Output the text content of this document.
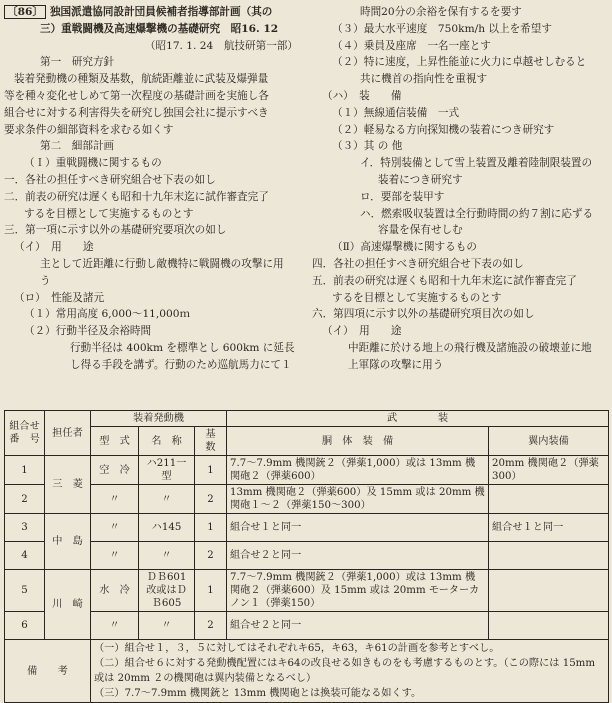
〔86〕 独国派遣協同設計団員候補者指導部計画（其の
三）重戦闘機及高速爆撃機の基礎研究　昭16. 12
（昭17. 1. 24　航技研第一部）
第一　研究方針
装着発動機の種類及基数，航続距離並に武装及爆弾量
等を種々変化せしめて第一次程度の基礎計画を実施し各
組合せに対する利害得失を研究し独国会社に提示すべき
要求条件の細部資料を求むる如くす
第二　細部計画
（Ｉ）重戦闘機に関するもの
一．各社の担任すべき研究組合せ下表の如し
二．前表の研究は遅くも昭和十九年末迄に試作審査完了
するを目標として実施するものとす
三．第一項に示す以外の基礎研究要項次の如し
（イ）　用　　途
主として近距離に行動し敵機特に戦闘機の攻撃に用
う
（ロ）　性能及諸元
（１）常用高度 6,000～11,000ｍ
（２）行動半径及余裕時間
行動半径は 400km を標準とし 600km に延長
し得る手段を講ず。行動のため巡航馬力にて１
時間20分の余裕を保有するを要す
（３）最大水平速度　750km/h 以上を希望す
（４）乗員及座席　一名一座とす
（２）特に速度，上昇性能並に火力に卓越せしむると
共に機首の指向性を重視す
（ハ）　装　　備
（１）無線通信装備　一式
（２）軽易なる方向探知機の装着につき研究す
（３）其 の 他
イ．特別装備として雪上装置及離着陸制限装置の
装着につき研究す
ロ．要部を装甲す
ハ．燃索吸収装置は全行動時間の約７割に応ずる
容量を保有せしむ
（Ⅱ）高速爆撃機に関するもの
四．各社の担任すべき研究組合せ下表の如し
五．前表の研究は遅くも昭和十九年末迄に試作審査完了
するを目標として実施するものとす
六．第四項に示す以外の基礎研究項目次の如し
（イ）　用　　途
中距離に於ける地上の飛行機及諸施設の破壊並に地
上軍隊の攻撃に用う
組合せ番　号	担任者	装着発動機			武　　　　装	
		型　式	名　称	基　数	胴　体　装　備	翼内装備
1	三　菱	空　冷	ハ211一型	1	7.7～7.9mm 機関銃２（弾薬1,000）或は 13mm 機関砲２（弾薬600）	20mm 機関砲２（弾薬300）
2		〃	〃	2	13mm 機関砲２（弾薬600）及 15mm 或は 20mm 機関砲１～２（弾薬150～300）	
3	中　島	〃	ハ145	1	組合せ１と同一	組合せ１と同一
4		〃	〃	2	組合せ２と同一	
5	川　崎	水　冷	ＤＢ601改或はＤＢ605	1	7.7～7.9mm 機関銃２（弾薬1,000）或は 13mm 機関砲２（弾薬600）及 15mm 或は 20mm モーターカノン１（弾薬150）	
6		〃	〃	2	組合せ２と同一	
備　　考		（一）組合せ１，３，５に対してはそれぞれキ65，キ63，キ61の計画を参考とすべし。
（二）組合せ６に対する発動機配置にはキ64の改良せる如きものをも考慮するものとす。（この際には 15mm 或は 20mm ２の機関砲は翼内装備となるべし）
（三）7.7～7.9mm 機関銃と 13mm 機関砲とは換装可能なる如くす。				
